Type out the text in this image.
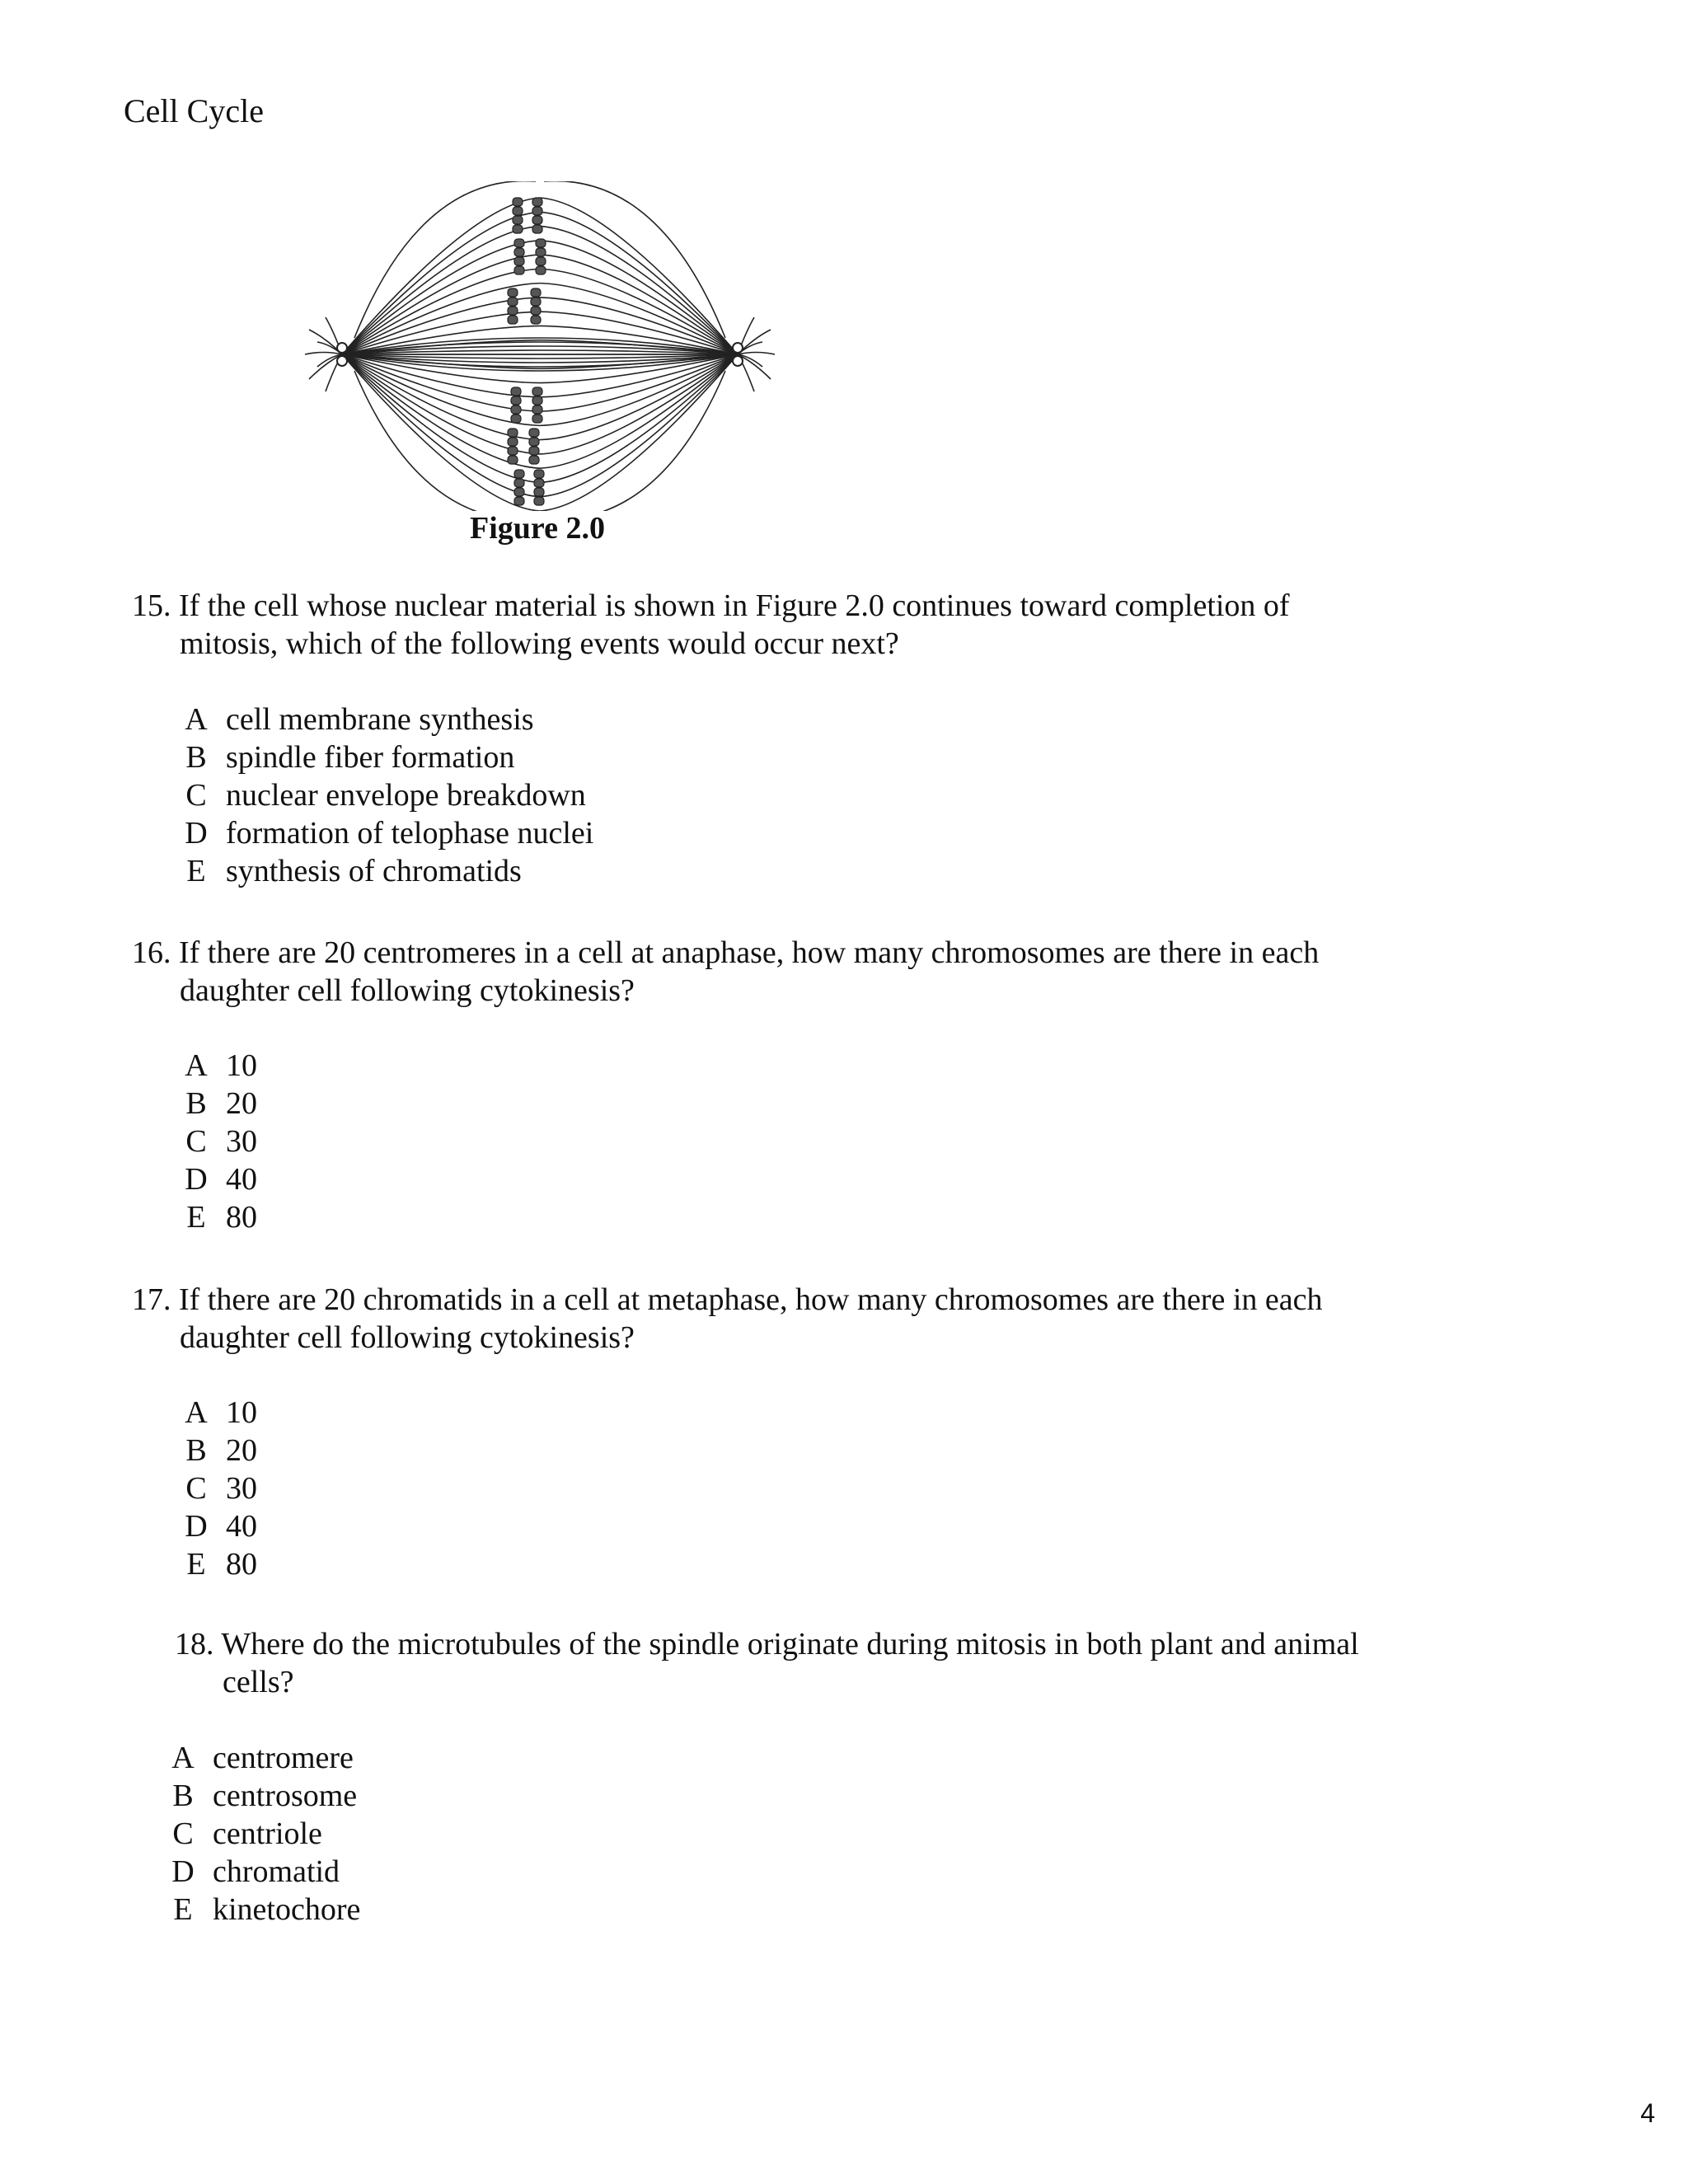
Cell Cycle
Figure 2.0
15. If the cell whose nuclear material is shown in Figure 2.0 continues toward completion of
mitosis, which of the following events would occur next?
A cell membrane synthesis
B spindle fiber formation
C nuclear envelope breakdown
D formation of telophase nuclei
E synthesis of chromatids
16. If there are 20 centromeres in a cell at anaphase, how many chromosomes are there in each
daughter cell following cytokinesis?
A 10
B 20
C 30
D 40
E 80
17. If there are 20 chromatids in a cell at metaphase, how many chromosomes are there in each
daughter cell following cytokinesis?
A 10
B 20
C 30
D 40
E 80
18. Where do the microtubules of the spindle originate during mitosis in both plant and animal
cells?
A centromere
B centrosome
C centriole
D chromatid
E kinetochore
4
